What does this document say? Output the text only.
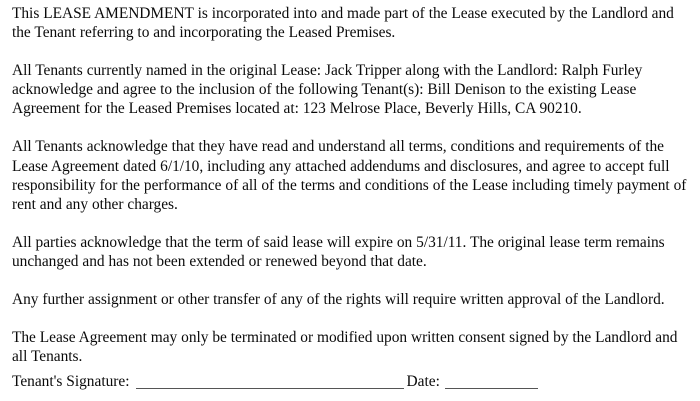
This LEASE AMENDMENT is incorporated into and made part of the Lease executed by the Landlord and the Tenant referring to and incorporating the Leased Premises.

All Tenants currently named in the original Lease: Jack Tripper along with the Landlord: Ralph Furley acknowledge and agree to the inclusion of the following Tenant(s): Bill Denison to the existing Lease Agreement for the Leased Premises located at: 123 Melrose Place, Beverly Hills, CA 90210.

All Tenants acknowledge that they have read and understand all terms, conditions and requirements of the Lease Agreement dated 6/1/10, including any attached addendums and disclosures, and agree to accept full responsibility for the performance of all of the terms and conditions of the Lease including timely payment of rent and any other charges.

All parties acknowledge that the term of said lease will expire on 5/31/11. The original lease term remains unchanged and has not been extended or renewed beyond that date.

Any further assignment or other transfer of any of the rights will require written approval of the Landlord.

The Lease Agreement may only be terminated or modified upon written consent signed by the Landlord and all Tenants.

Tenant's Signature:	Date:
